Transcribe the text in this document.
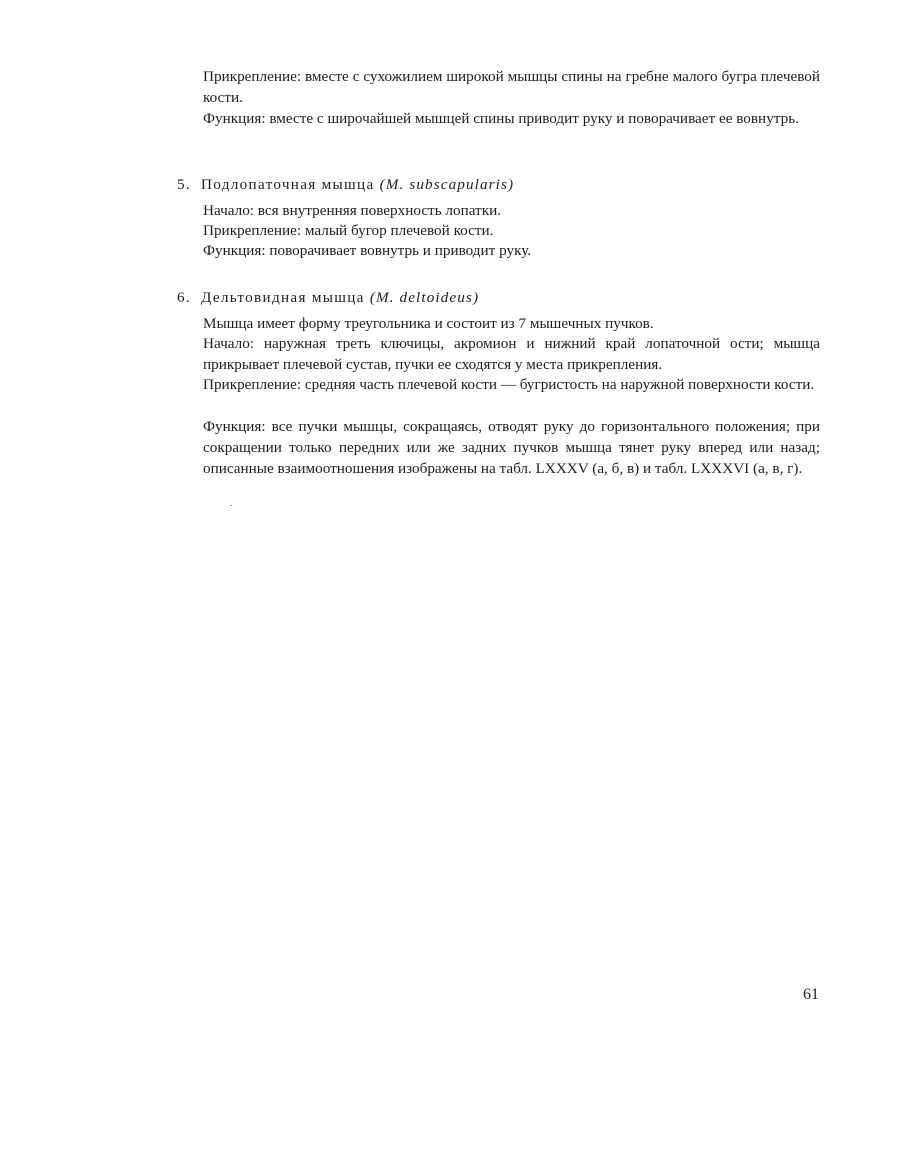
Прикрепление: вместе с сухожилием широкой мышцы спины на гребне малого бугра плечевой кости.

Функция: вместе с широчайшей мышцей спины приводит руку и поворачивает ее вовнутрь.

5. Подлопаточная мышца (M. subscapularis)

Начало: вся внутренняя поверхность лопатки.

Прикрепление: малый бугор плечевой кости.

Функция: поворачивает вовнутрь и приводит руку.

6. Дельтовидная мышца (M. deltoideus)

Мышца имеет форму треугольника и состоит из 7 мышечных пучков.

Начало: наружная треть ключицы, акромион и нижний край лопаточной ости; мышца прикрывает плечевой сустав, пучки ее сходятся у места прикрепления.

Прикрепление: средняя часть плечевой кости — бугристость на наружной поверхности кости.

Функция: все пучки мышцы, сокращаясь, отводят руку до горизонтального положения; при сокращении только передних или же задних пучков мышца тянет руку вперед или назад; описанные взаимоотношения изображены на табл. LXXXV (а, б, в) и табл. LXXXVI (а, в, г).

61
